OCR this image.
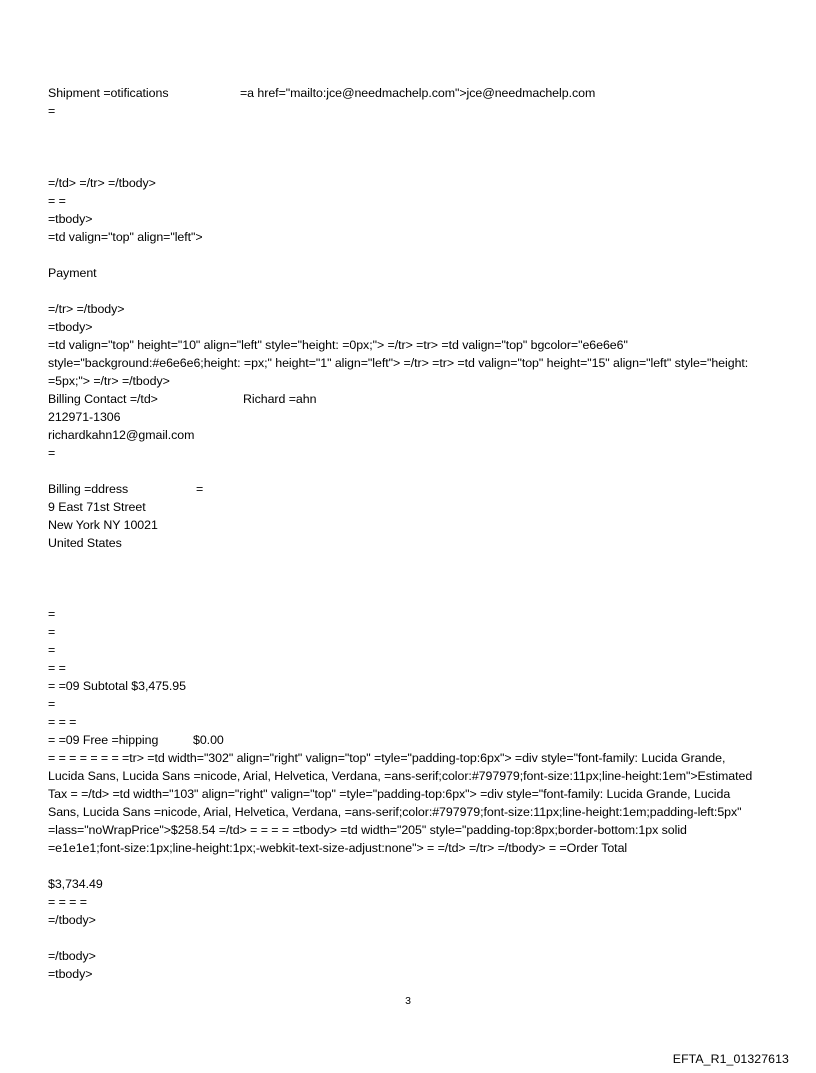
Shipment =otifications	=a href="mailto:jce@needmachelp.com">jce@needmachelp.com
=
=/td> =/tr> =/tbody>
= =
=tbody>
=td valign="top" align="left">
Payment
=/tr> =/tbody>
=tbody>
=td valign="top" height="10" align="left" style="height: =0px;"> =/tr> =tr> =td valign="top" bgcolor="e6e6e6" style="background:#e6e6e6;height: =px;" height="1" align="left"> =/tr> =tr> =td valign="top" height="15" align="left" style="height: =5px;"> =/tr> =/tbody>
Billing Contact =/td>	Richard =ahn
212971-1306
richardkahn12@gmail.com
=
Billing =ddress	=
9 East 71st Street
New York NY 10021
United States
=
=
=
= =
= =09 Subtotal $3,475.95
=
= = =
= =09 Free =hipping	$0.00
= = = = = = = =tr> =td width="302" align="right" valign="top" =tyle="padding-top:6px"> =div style="font-family: Lucida Grande, Lucida Sans, Lucida Sans =nicode, Arial, Helvetica, Verdana, =ans-serif;color:#797979;font-size:11px;line-height:1em">Estimated Tax = =/td> =td width="103" align="right" valign="top" =tyle="padding-top:6px"> =div style="font-family: Lucida Grande, Lucida Sans, Lucida Sans =nicode, Arial, Helvetica, Verdana, =ans-serif;color:#797979;font-size:11px;line-height:1em;padding-left:5px" =lass="noWrapPrice">$258.54 =/td> = = = = =tbody> =td width="205" style="padding-top:8px;border-bottom:1px solid =e1e1e1;font-size:1px;line-height:1px;-webkit-text-size-adjust:none"> = =/td> =/tr> =/tbody> = =Order Total
$3,734.49
= = = =
=/tbody>
=/tbody>
=tbody>
3
EFTA_R1_01327613
